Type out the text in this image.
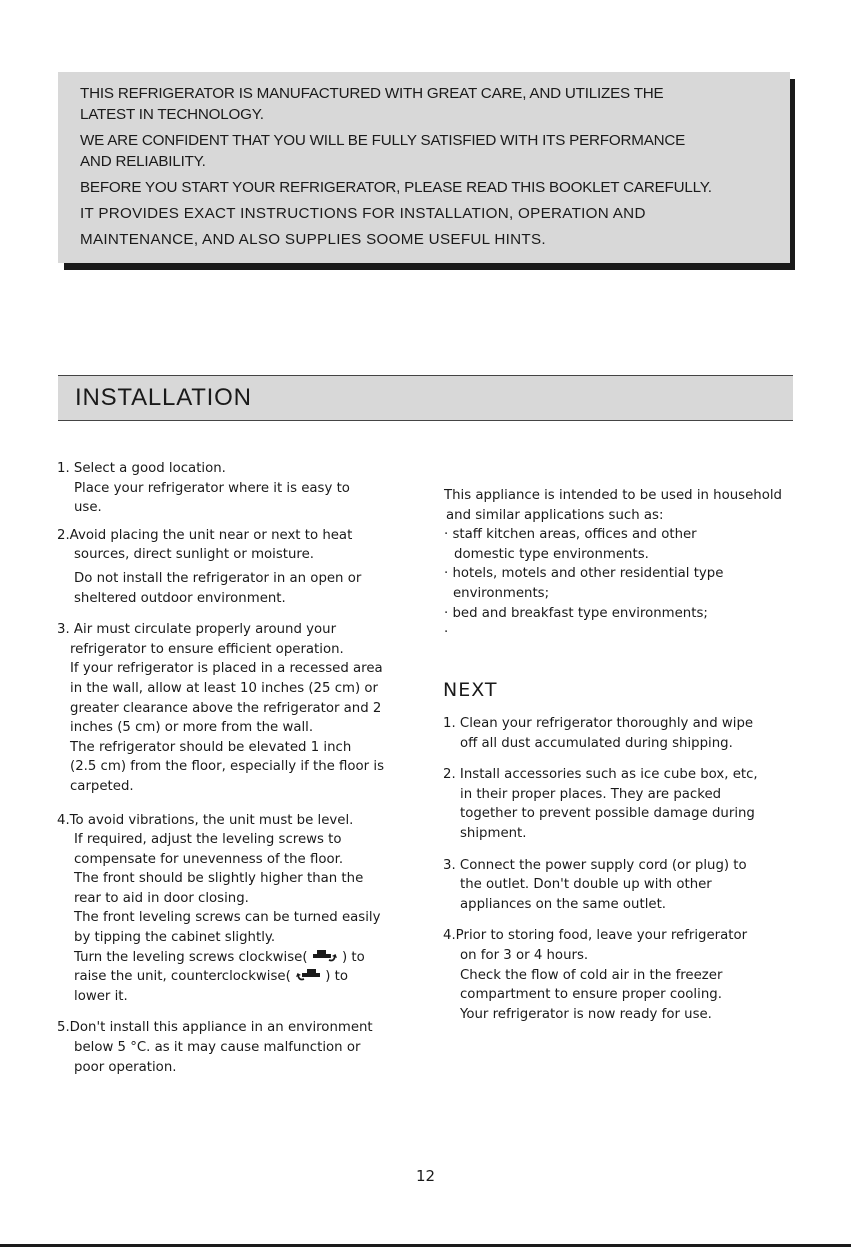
THIS REFRIGERATOR IS MANUFACTURED WITH GREAT CARE, AND UTILIZES THE

LATEST IN TECHNOLOGY.

WE ARE CONFIDENT THAT YOU WILL BE FULLY SATISFIED WITH ITS PERFORMANCE

AND RELIABILITY.

BEFORE YOU START YOUR REFRIGERATOR, PLEASE READ THIS BOOKLET CAREFULLY.

IT PROVIDES EXACT INSTRUCTIONS FOR INSTALLATION, OPERATION AND

MAINTENANCE, AND ALSO SUPPLIES SOOME USEFUL HINTS.

INSTALLATION

1. Select a good location.

Place your refrigerator where it is easy to

use.

2.Avoid placing the unit near or next to heat

sources, direct sunlight or moisture.

Do not install the refrigerator in an open or

sheltered outdoor environment.

3. Air must circulate properly around your

refrigerator to ensure efficient operation.

If your refrigerator is placed in a recessed area

in the wall, allow at least 10 inches (25 cm) or

greater clearance above the refrigerator and 2

inches (5 cm) or more from the wall.

The refrigerator should be elevated 1 inch

(2.5 cm) from the floor, especially if the floor is

carpeted.

4.To avoid vibrations, the unit must be level.

If required, adjust the leveling screws to

compensate for unevenness of the floor.

The front should be slightly higher than the

rear to aid in door closing.

The front leveling screws can be turned easily

by tipping the cabinet slightly.

Turn the leveling screws clockwise(	) to

raise the unit, counterclockwise(	) to

lower it.

5.Don't install this appliance in an environment

below 5 °C. as it may cause malfunction or

poor operation.

This appliance is intended to be used in household

and similar applications such as:

· staff kitchen areas, offices and other

domestic type environments.

· hotels, motels and other residential type

environments;

· bed and breakfast type environments;

·

NEXT

1. Clean your refrigerator thoroughly and wipe

off all dust accumulated during shipping.

2. Install accessories such as ice cube box, etc,

in their proper places. They are packed

together to prevent possible damage during

shipment.

3. Connect the power supply cord (or plug) to

the outlet. Don't double up with other

appliances on the same outlet.

4.Prior to storing food, leave your refrigerator

on for 3 or 4 hours.

Check the flow of cold air in the freezer

compartment to ensure proper cooling.

Your refrigerator is now ready for use.

12
